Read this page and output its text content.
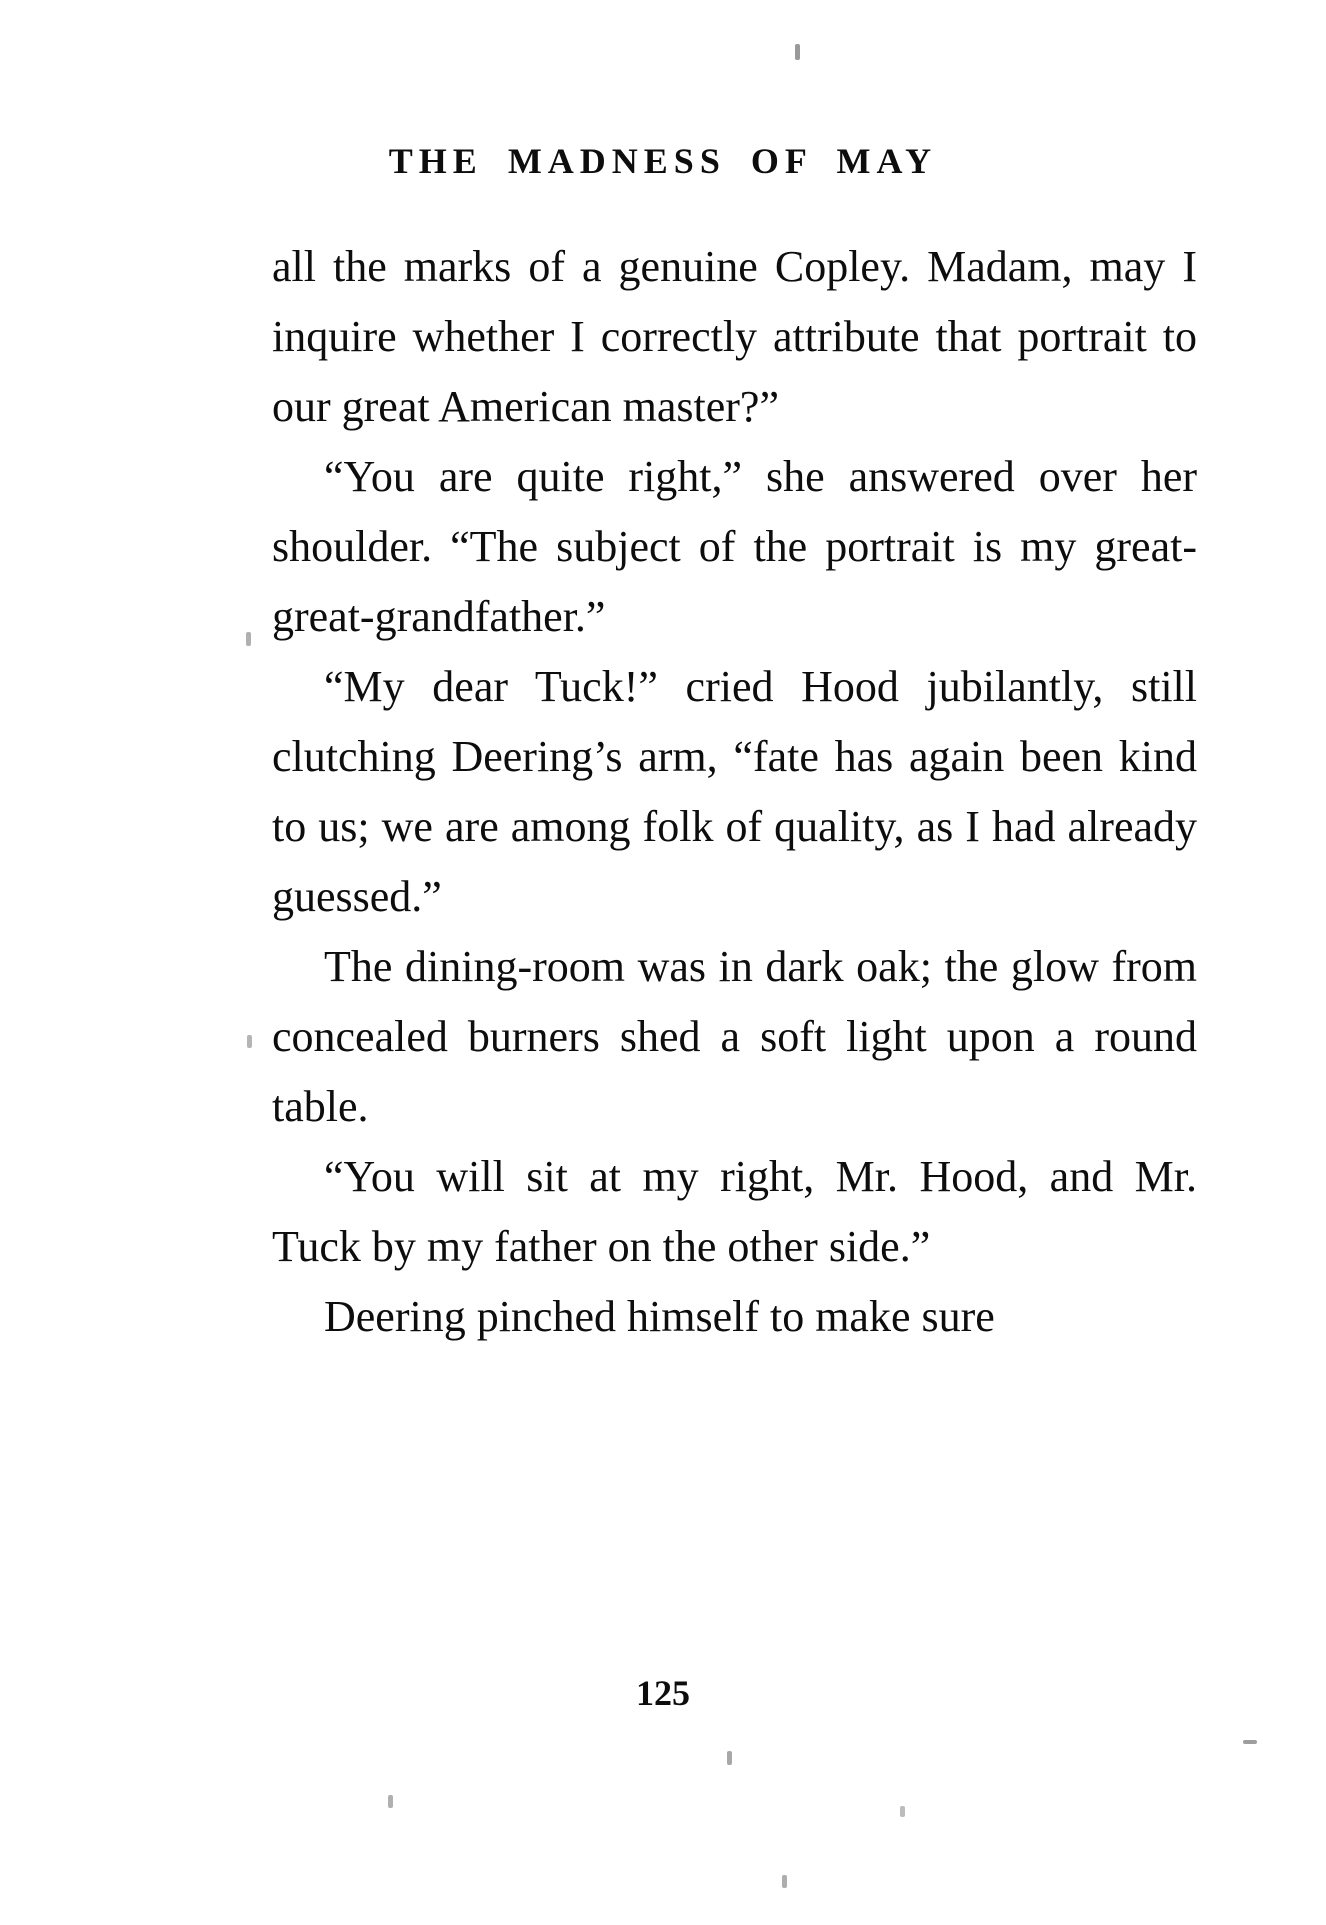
THE MADNESS OF MAY

all the marks of a genuine Copley. Madam, may I inquire whether I correctly attribute that portrait to our great American master?”

“You are quite right,” she answered over her shoulder. “The subject of the portrait is my great-great-grandfather.”

“My dear Tuck!” cried Hood jubilantly, still clutching Deering’s arm, “fate has again been kind to us; we are among folk of quality, as I had already guessed.”

The dining-room was in dark oak; the glow from concealed burners shed a soft light upon a round table.

“You will sit at my right, Mr. Hood, and Mr. Tuck by my father on the other side.”

Deering pinched himself to make sure

125
